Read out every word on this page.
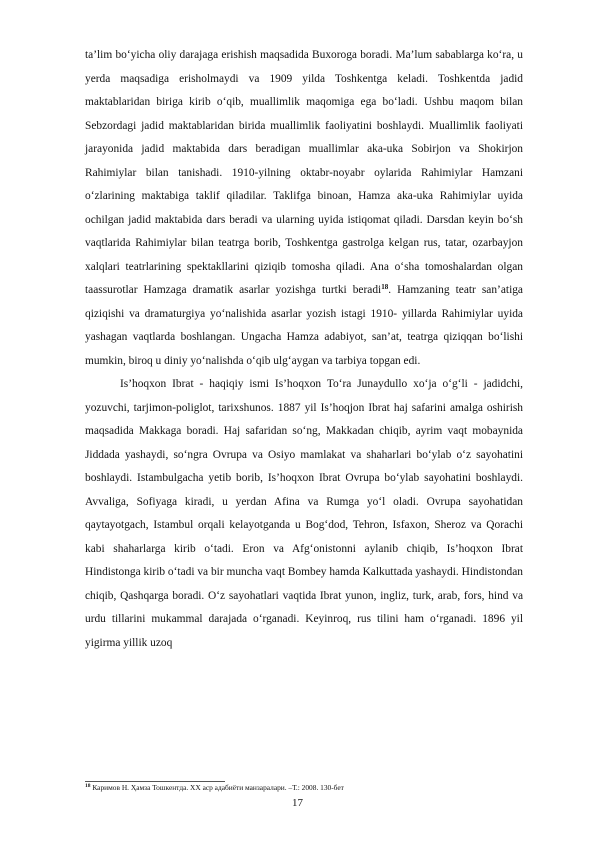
ta’lim bo‘yicha oliy darajaga erishish maqsadida Buxoroga boradi. Ma’lum sabablarga ko‘ra, u yerda maqsadiga erisholmaydi va 1909 yilda Toshkentga keladi. Toshkentda jadid maktablaridan biriga kirib o‘qib, muallimlik maqomiga ega bo‘ladi. Ushbu maqom bilan Sebzordagi jadid maktablaridan birida muallimlik faoliyatini boshlaydi. Muallimlik faoliyati jarayonida jadid maktabida dars beradigan muallimlar aka-uka Sobirjon va Shokirjon Rahimiylar bilan tanishadi. 1910-yilning oktabr-noyabr oylarida Rahimiylar Hamzani o‘zlarining maktabiga taklif qiladilar. Taklifga binoan, Hamza aka-uka Rahimiylar uyida ochilgan jadid maktabida dars beradi va ularning uyida istiqomat qiladi. Darsdan keyin bo‘sh vaqtlarida Rahimiylar bilan teatrga borib, Toshkentga gastrolga kelgan rus, tatar, ozarbayjon xalqlari teatrlarining spektakllarini qiziqib tomosha qiladi. Ana o‘sha tomoshalardan olgan taassurotlar Hamzaga dramatik asarlar yozishga turtki beradi$^{18}$. Hamzaning teatr san’atiga qiziqishi va dramaturgiya yo‘nalishida asarlar yozish istagi 1910- yillarda Rahimiylar uyida yashagan vaqtlarda boshlangan. Ungacha Hamza adabiyot, san’at, teatrga qiziqqan bo‘lishi mumkin, biroq u diniy yo‘nalishda o‘qib ulg‘aygan va tarbiya topgan edi.

Is’hoqxon Ibrat - haqiqiy ismi Is’hoqxon To‘ra Junaydullo xo‘ja o‘g‘li - jadidchi, yozuvchi, tarjimon-poliglot, tarixshunos. 1887 yil Is’hoqjon Ibrat haj safarini amalga oshirish maqsadida Makkaga boradi. Haj safaridan so‘ng, Makkadan chiqib, ayrim vaqt mobaynida Jiddada yashaydi, so‘ngra Ovrupa va Osiyo mamlakat va shaharlari bo‘ylab o‘z sayohatini boshlaydi. Istambulgacha yetib borib, Is’hoqxon Ibrat Ovrupa bo‘ylab sayohatini boshlaydi. Avvaliga, Sofiyaga kiradi, u yerdan Afina va Rumga yo‘l oladi. Ovrupa sayohatidan qaytayotgach, Istambul orqali kelayotganda u Bog‘dod, Tehron, Isfaxon, Sheroz va Qorachi kabi shaharlarga kirib o‘tadi. Eron va Afg‘onistonni aylanib chiqib, Is’hoqxon Ibrat Hindistonga kirib o‘tadi va bir muncha vaqt Bombey hamda Kalkuttada yashaydi. Hindistondan chiqib, Qashqarga boradi. O‘z sayohatlari vaqtida Ibrat yunon, ingliz, turk, arab, fors, hind va urdu tillarini mukammal darajada o‘rganadi. Keyinroq, rus tilini ham o‘rganadi. 1896 yil yigirma yillik uzoq

$^{18}$ Каримов Н. Ҳамза Тошкентда. XX аср адабиёти манзаралари. –Т.: 2008. 130-бет
17
